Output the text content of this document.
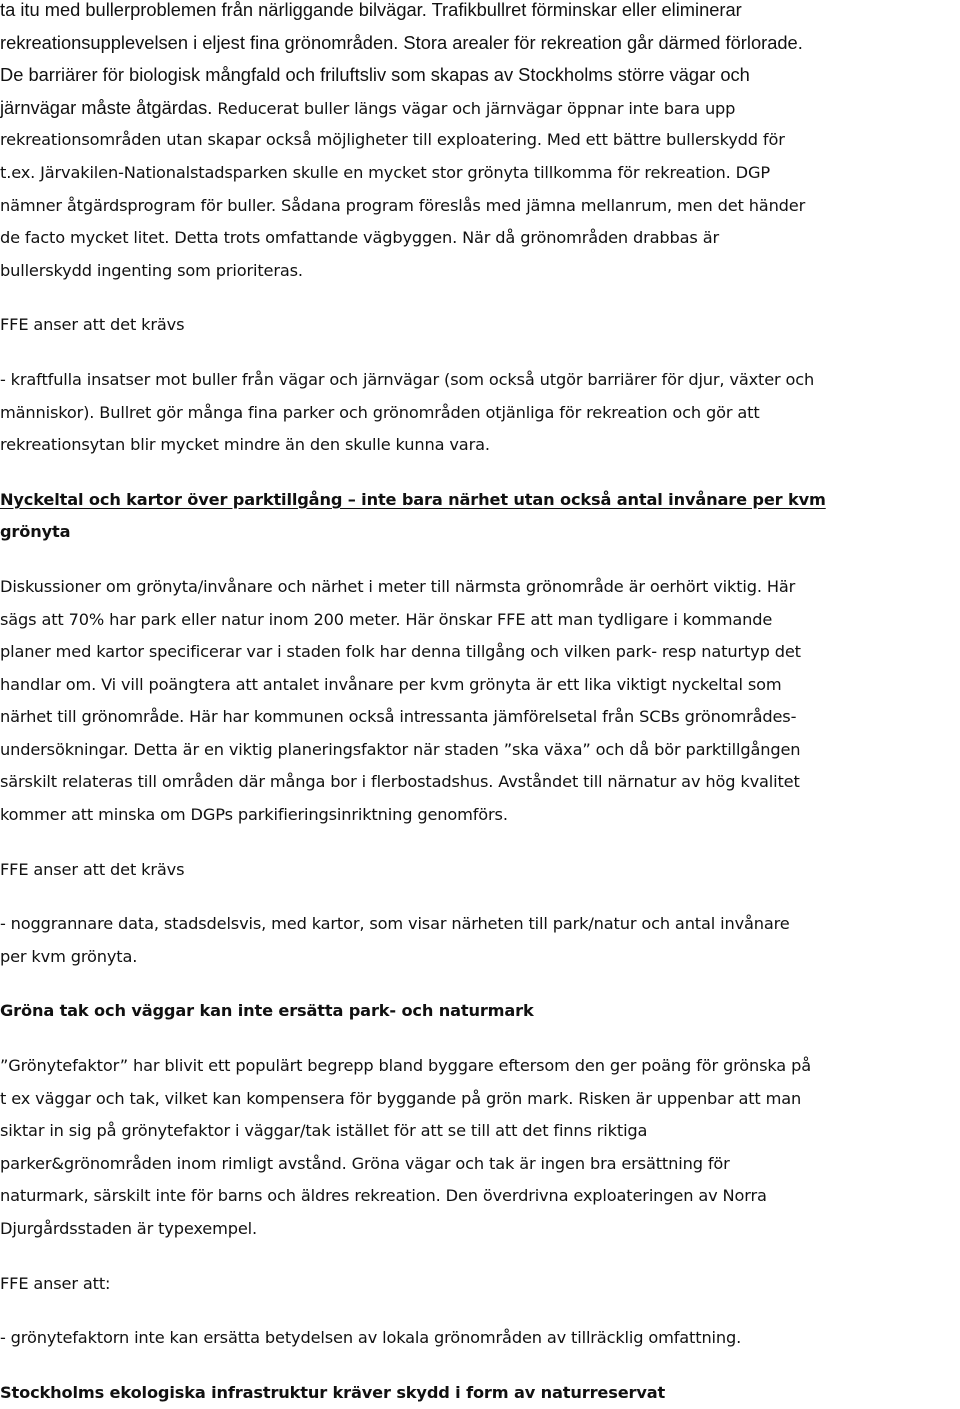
ta itu med bullerproblemen från närliggande bilvägar. Trafikbullret förminskar eller eliminerar
rekreationsupplevelsen i eljest fina grönområden. Stora arealer för rekreation går därmed förlorade.
De barriärer för biologisk mångfald och friluftsliv som skapas av Stockholms större vägar och
järnvägar måste åtgärdas. Reducerat buller längs vägar och järnvägar öppnar inte bara upp
rekreationsområden utan skapar också möjligheter till exploatering. Med ett bättre bullerskydd för
t.ex. Järvakilen-Nationalstadsparken skulle en mycket stor grönyta tillkomma för rekreation. DGP
nämner åtgärdsprogram för buller. Sådana program föreslås med jämna mellanrum, men det händer
de facto mycket litet. Detta trots omfattande vägbyggen. När då grönområden drabbas är
bullerskydd ingenting som prioriteras.
FFE anser att det krävs
- kraftfulla insatser mot buller från vägar och järnvägar (som också utgör barriärer för djur, växter och
människor). Bullret gör många fina parker och grönområden otjänliga för rekreation och gör att
rekreationsytan blir mycket mindre än den skulle kunna vara.
Nyckeltal och kartor över parktillgång – inte bara närhet utan också antal invånare per kvm
grönyta
Diskussioner om grönyta/invånare och närhet i meter till närmsta grönområde är oerhört viktig. Här
sägs att 70% har park eller natur inom 200 meter. Här önskar FFE att man tydligare i kommande
planer med kartor specificerar var i staden folk har denna tillgång och vilken park- resp naturtyp det
handlar om. Vi vill poängtera att antalet invånare per kvm grönyta är ett lika viktigt nyckeltal som
närhet till grönområde. Här har kommunen också intressanta jämförelsetal från SCBs grönområdes-
undersökningar. Detta är en viktig planeringsfaktor när staden ”ska växa” och då bör parktillgången
särskilt relateras till områden där många bor i flerbostadshus. Avståndet till närnatur av hög kvalitet
kommer att minska om DGPs parkifieringsinriktning genomförs.
FFE anser att det krävs
- noggrannare data, stadsdelsvis, med kartor, som visar närheten till park/natur och antal invånare
per kvm grönyta.
Gröna tak och väggar kan inte ersätta park- och naturmark
”Grönytefaktor” har blivit ett populärt begrepp bland byggare eftersom den ger poäng för grönska på
t ex väggar och tak, vilket kan kompensera för byggande på grön mark. Risken är uppenbar att man
siktar in sig på grönytefaktor i väggar/tak istället för att se till att det finns riktiga
parker&grönområden inom rimligt avstånd. Gröna vägar och tak är ingen bra ersättning för
naturmark, särskilt inte för barns och äldres rekreation. Den överdrivna exploateringen av Norra
Djurgårdsstaden är typexempel.
FFE anser att:
- grönytefaktorn inte kan ersätta betydelsen av lokala grönområden av tillräcklig omfattning.
Stockholms ekologiska infrastruktur kräver skydd i form av naturreservat
